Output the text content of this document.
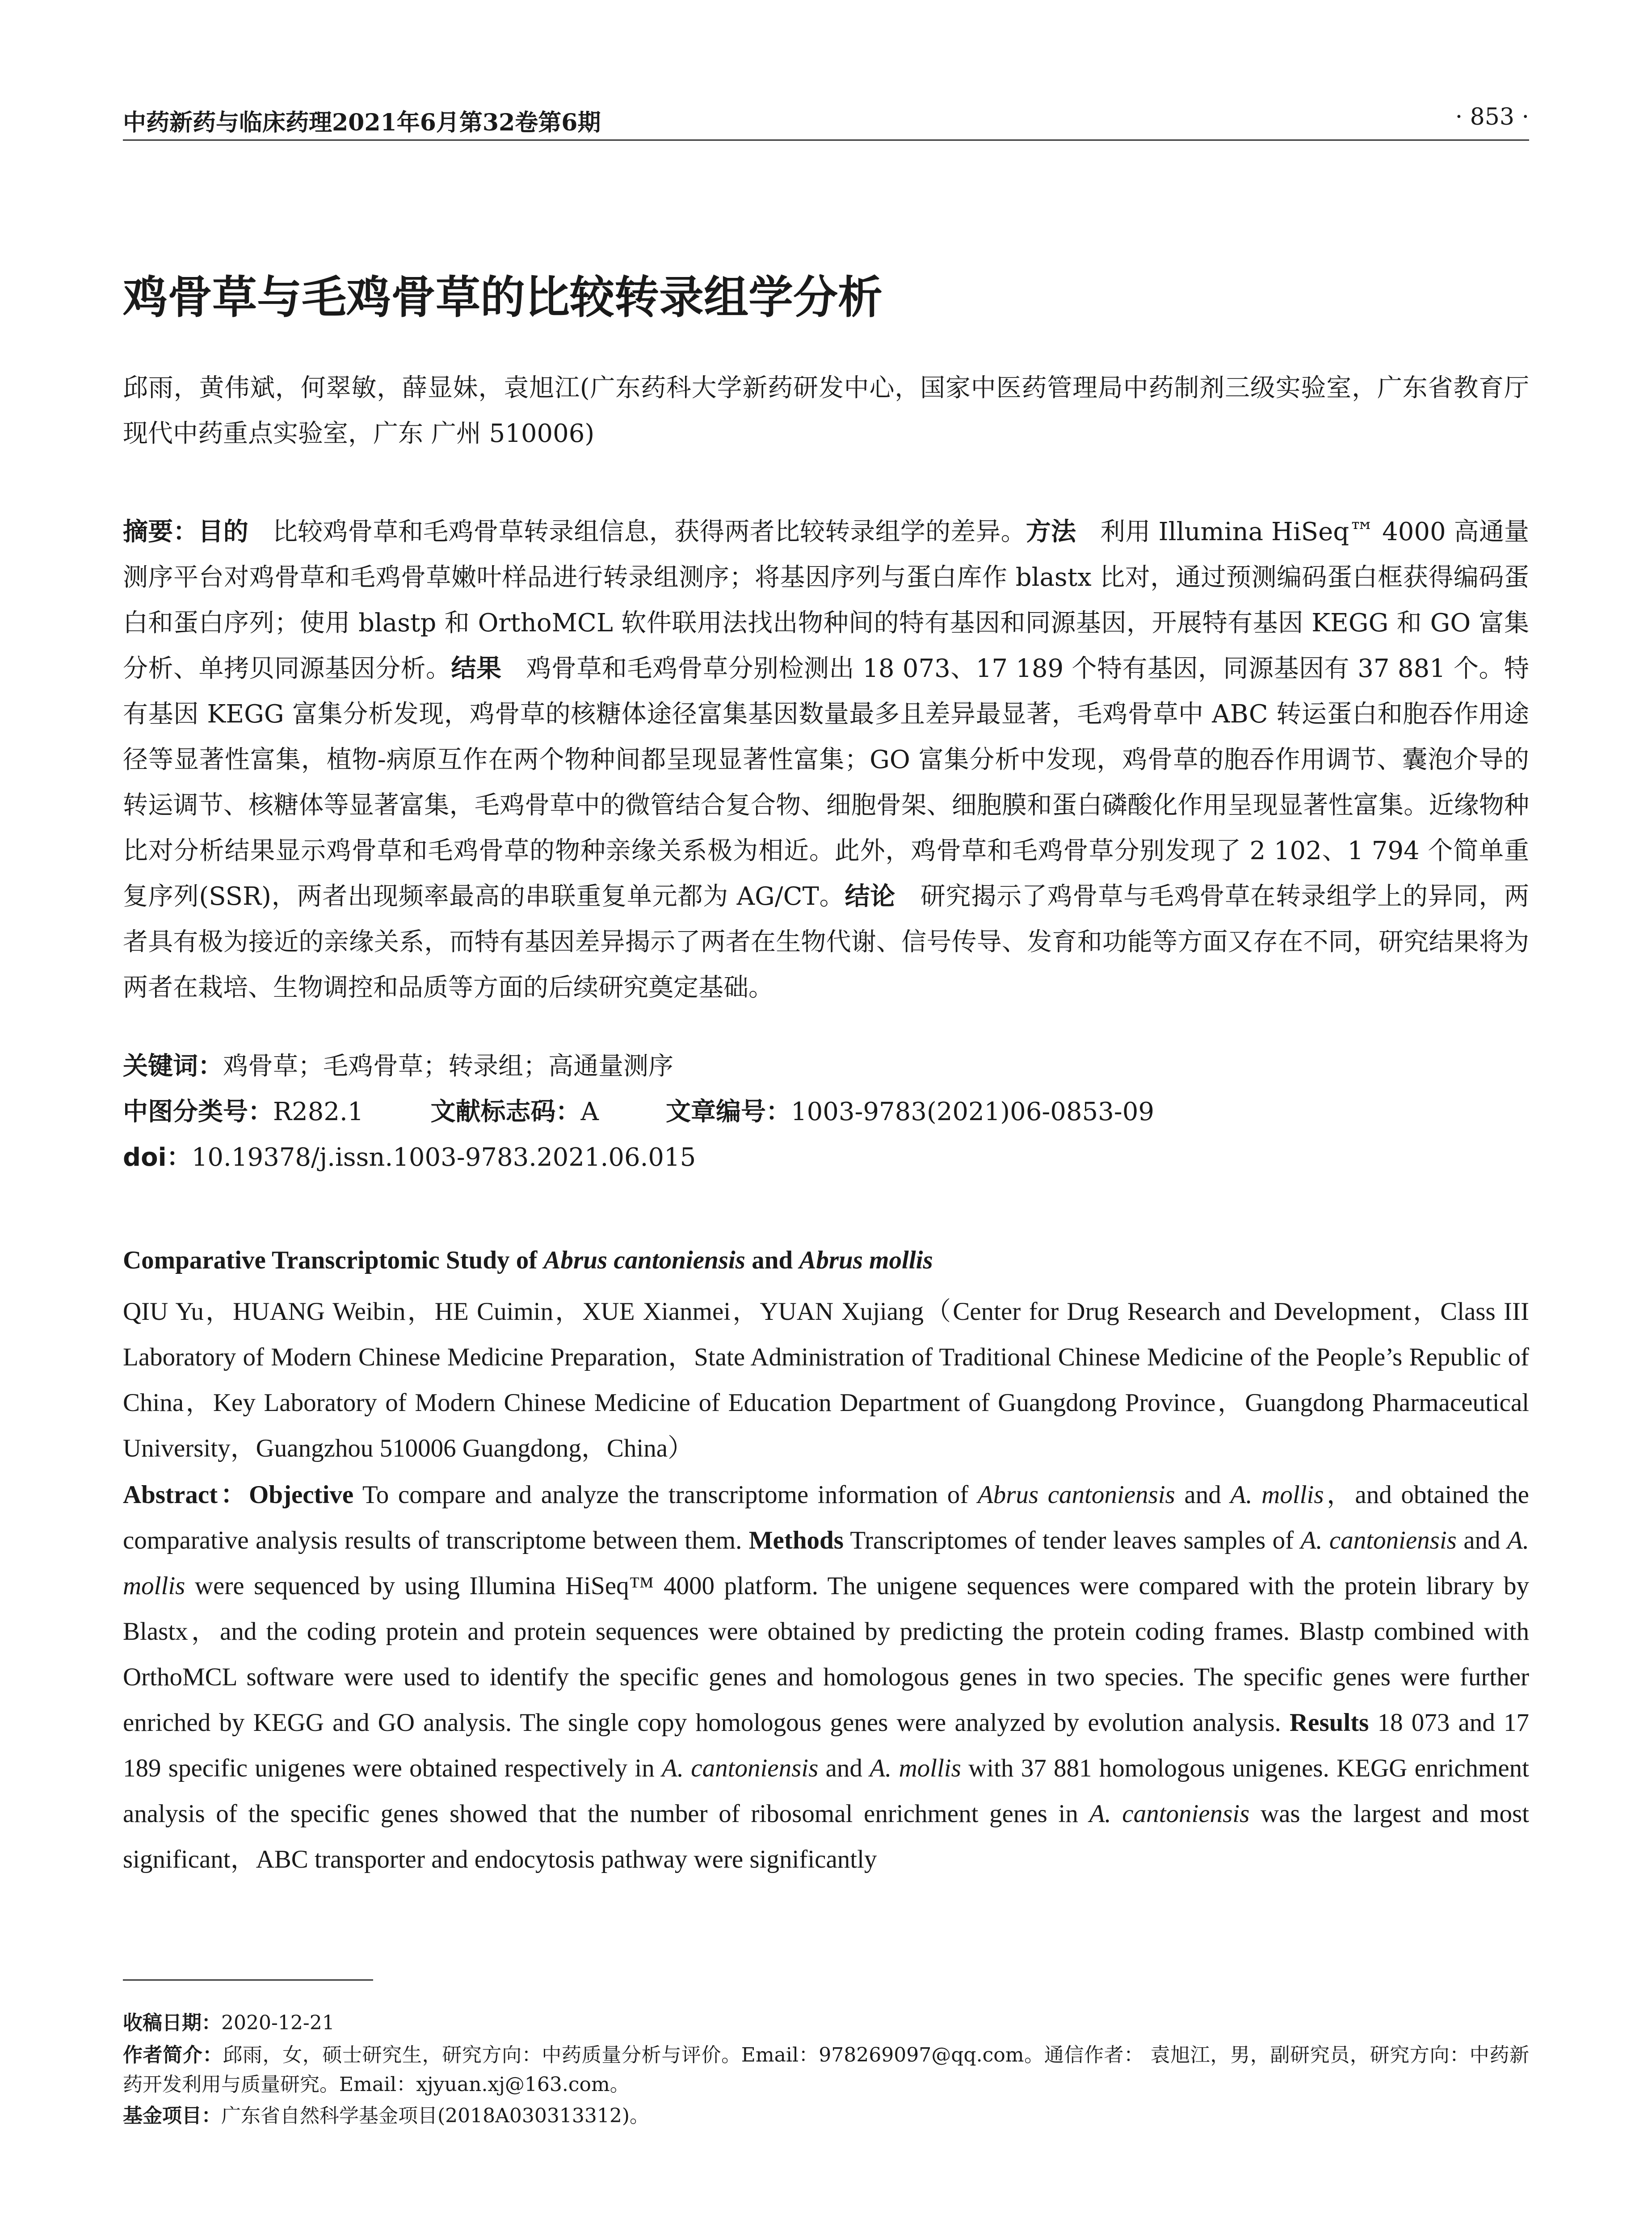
中药新药与临床药理2021年6月第32卷第6期	· 853 ·
鸡骨草与毛鸡骨草的比较转录组学分析
邱雨，黄伟斌，何翠敏，薛显妹，袁旭江(广东药科大学新药研发中心，国家中医药管理局中药制剂三级实验室，广东省教育厅现代中药重点实验室，广东 广州 510006)
摘要：目的 比较鸡骨草和毛鸡骨草转录组信息，获得两者比较转录组学的差异。方法 利用 Illumina HiSeq™ 4000 高通量测序平台对鸡骨草和毛鸡骨草嫩叶样品进行转录组测序；将基因序列与蛋白库作 blastx 比对，通过预测编码蛋白框获得编码蛋白和蛋白序列；使用 blastp 和 OrthoMCL 软件联用法找出物种间的特有基因和同源基因，开展特有基因 KEGG 和 GO 富集分析、单拷贝同源基因分析。结果 鸡骨草和毛鸡骨草分别检测出 18 073、17 189 个特有基因，同源基因有 37 881 个。特有基因 KEGG 富集分析发现，鸡骨草的核糖体途径富集基因数量最多且差异最显著，毛鸡骨草中 ABC 转运蛋白和胞吞作用途径等显著性富集，植物-病原互作在两个物种间都呈现显著性富集；GO 富集分析中发现，鸡骨草的胞吞作用调节、囊泡介导的转运调节、核糖体等显著富集，毛鸡骨草中的微管结合复合物、细胞骨架、细胞膜和蛋白磷酸化作用呈现显著性富集。近缘物种比对分析结果显示鸡骨草和毛鸡骨草的物种亲缘关系极为相近。此外，鸡骨草和毛鸡骨草分别发现了 2 102、1 794 个简单重复序列(SSR)，两者出现频率最高的串联重复单元都为 AG/CT。结论 研究揭示了鸡骨草与毛鸡骨草在转录组学上的异同，两者具有极为接近的亲缘关系，而特有基因差异揭示了两者在生物代谢、信号传导、发育和功能等方面又存在不同，研究结果将为两者在栽培、生物调控和品质等方面的后续研究奠定基础。
关键词：鸡骨草；毛鸡骨草；转录组；高通量测序
中图分类号：R282.1	文献标志码：A	文章编号：1003-9783(2021)06-0853-09
doi：10.19378/j.issn.1003-9783.2021.06.015
Comparative Transcriptomic Study of Abrus cantoniensis and Abrus mollis
QIU Yu，HUANG Weibin，HE Cuimin，XUE Xianmei，YUAN Xujiang（Center for Drug Research and Development，Class III Laboratory of Modern Chinese Medicine Preparation，State Administration of Traditional Chinese Medicine of the People’s Republic of China，Key Laboratory of Modern Chinese Medicine of Education Department of Guangdong Province，Guangdong Pharmaceutical University，Guangzhou 510006 Guangdong，China）
Abstract：Objective To compare and analyze the transcriptome information of Abrus cantoniensis and A. mollis，and obtained the comparative analysis results of transcriptome between them. Methods Transcriptomes of tender leaves samples of A. cantoniensis and A. mollis were sequenced by using Illumina HiSeq™ 4000 platform. The unigene sequences were compared with the protein library by Blastx，and the coding protein and protein sequences were obtained by predicting the protein coding frames. Blastp combined with OrthoMCL software were used to identify the specific genes and homologous genes in two species. The specific genes were further enriched by KEGG and GO analysis. The single copy homologous genes were analyzed by evolution analysis. Results 18 073 and 17 189 specific unigenes were obtained respectively in A. cantoniensis and A. mollis with 37 881 homologous unigenes. KEGG enrichment analysis of the specific genes showed that the number of ribosomal enrichment genes in A. cantoniensis was the largest and most significant，ABC transporter and endocytosis pathway were significantly
收稿日期：2020-12-21
作者简介：邱雨，女，硕士研究生，研究方向：中药质量分析与评价。Email：978269097@qq.com。通信作者： 袁旭江，男，副研究员，研究方向：中药新药开发利用与质量研究。Email：xjyuan.xj@163.com。
基金项目：广东省自然科学基金项目(2018A030313312)。
